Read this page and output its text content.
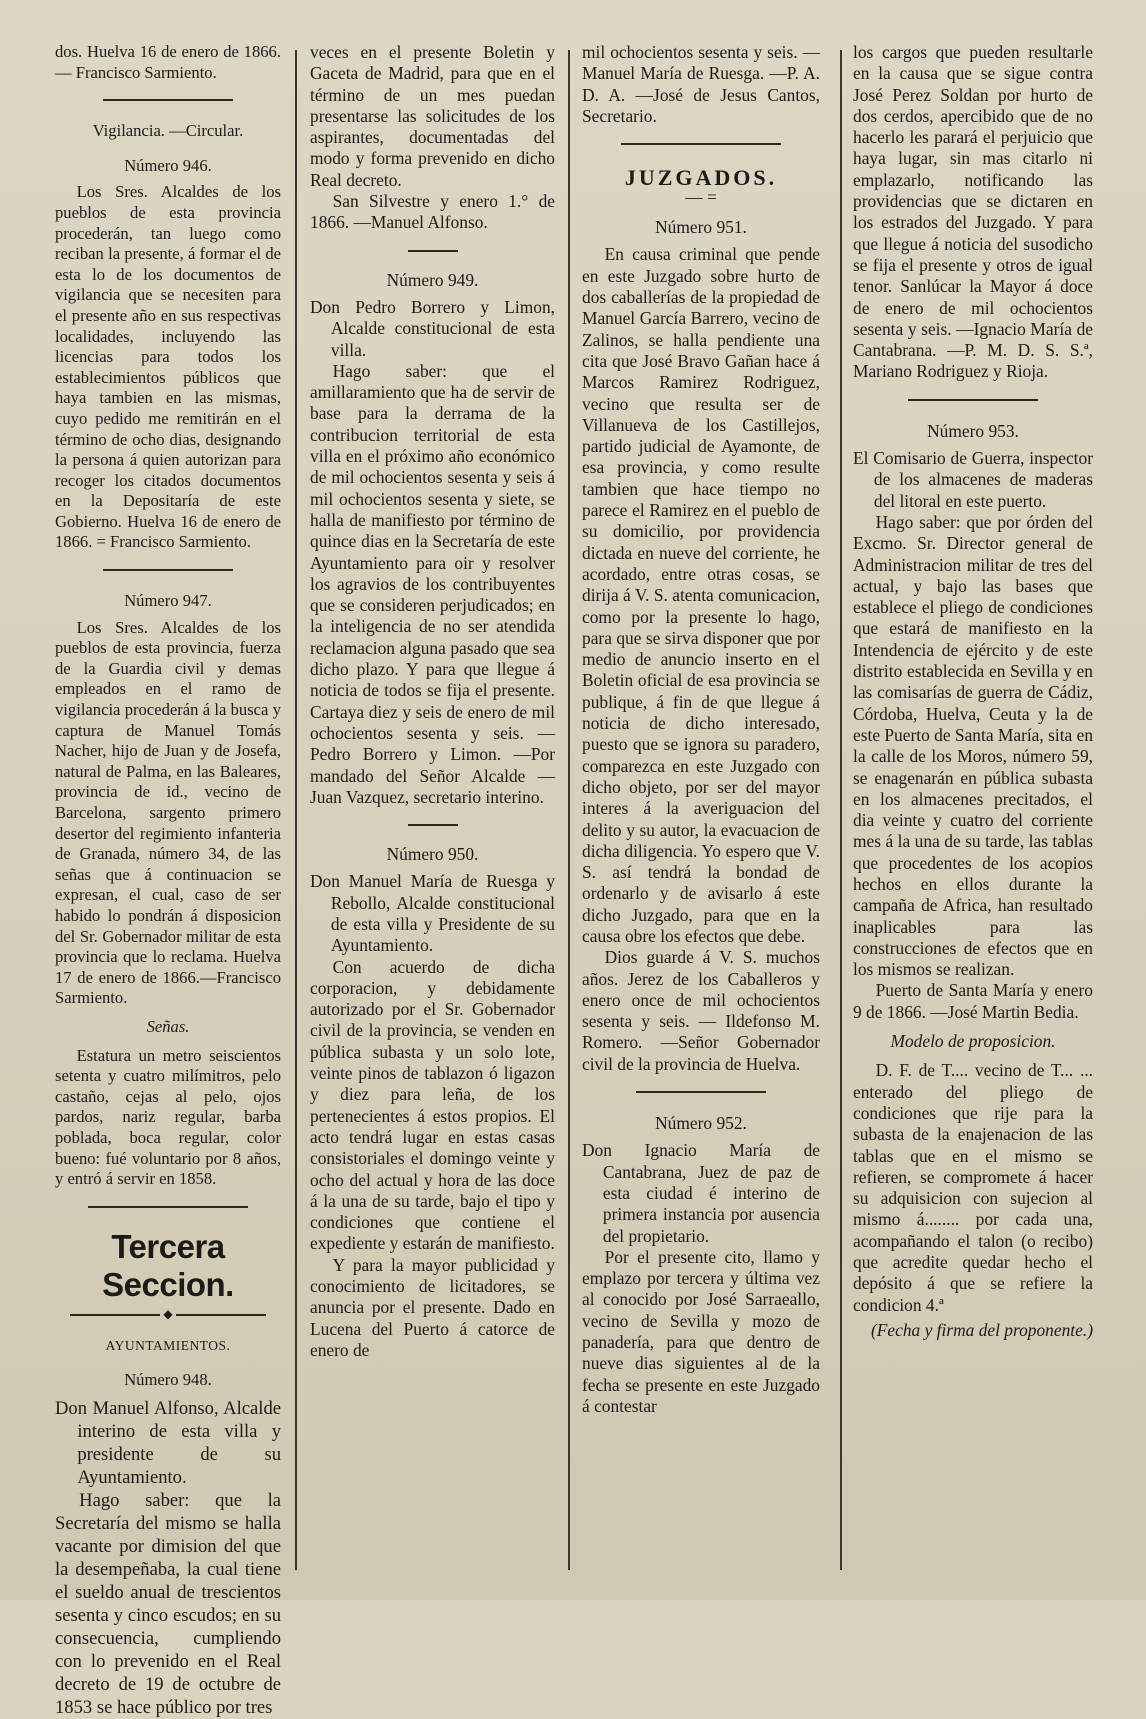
dos. Huelva 16 de enero de 1866. — Francisco Sarmiento.

Vigilancia. —Circular.

Número 946.

Los Sres. Alcaldes de los pueblos de esta provincia procederán, tan luego como reciban la presente, á formar el de esta lo de los documentos de vigilancia que se necesiten para el presente año en sus respectivas localidades, incluyendo las licencias para todos los establecimientos públicos que haya tambien en las mismas, cuyo pedido me remitirán en el término de ocho dias, designando la persona á quien autorizan para recoger los citados documentos en la Depositaría de este Gobierno. Huelva 16 de enero de 1866. = Francisco Sarmiento.

Número 947.

Los Sres. Alcaldes de los pueblos de esta provincia, fuerza de la Guardia civil y demas empleados en el ramo de vigilancia procederán á la busca y captura de Manuel Tomás Nacher, hijo de Juan y de Josefa, natural de Palma, en las Baleares, provincia de id., vecino de Barcelona, sargento primero desertor del regimiento infanteria de Granada, número 34, de las señas que á continuacion se expresan, el cual, caso de ser habido lo pondrán á disposicion del Sr. Gobernador militar de esta provincia que lo reclama. Huelva 17 de enero de 1866.—Francisco Sarmiento.

Señas.

Estatura un metro seiscientos setenta y cuatro milímitros, pelo castaño, cejas al pelo, ojos pardos, nariz regular, barba poblada, boca regular, color bueno: fué voluntario por 8 años, y entró á servir en 1858.

Tercera Seccion.
◆

AYUNTAMIENTOS.

Número 948.

Don Manuel Alfonso, Alcalde interino de esta villa y presidente de su Ayuntamiento.

Hago saber: que la Secretaría del mismo se halla vacante por dimision del que la desempeñaba, la cual tiene el sueldo anual de trescientos sesenta y cinco escudos; en su consecuencia, cumpliendo con lo prevenido en el Real decreto de 19 de octubre de 1853 se hace público por tres

veces en el presente Boletin y Gaceta de Madrid, para que en el término de un mes puedan presentarse las solicitudes de los aspirantes, documentadas del modo y forma prevenido en dicho Real decreto.

San Silvestre y enero 1.° de 1866. —Manuel Alfonso.

Número 949.

Don Pedro Borrero y Limon, Alcalde constitucional de esta villa.

Hago saber: que el amillaramiento que ha de servir de base para la derrama de la contribucion territorial de esta villa en el próximo año económico de mil ochocientos sesenta y seis á mil ochocientos sesenta y siete, se halla de manifiesto por término de quince dias en la Secretaría de este Ayuntamiento para oir y resolver los agravios de los contribuyentes que se consideren perjudicados; en la inteligencia de no ser atendida reclamacion alguna pasado que sea dicho plazo. Y para que llegue á noticia de todos se fija el presente. Cartaya diez y seis de enero de mil ochocientos sesenta y seis. —Pedro Borrero y Limon. —Por mandado del Señor Alcalde —Juan Vazquez, secretario interino.

Número 950.

Don Manuel María de Ruesga y Rebollo, Alcalde constitucional de esta villa y Presidente de su Ayuntamiento.

Con acuerdo de dicha corporacion, y debidamente autorizado por el Sr. Gobernador civil de la provincia, se venden en pública subasta y un solo lote, veinte pinos de tablazon ó ligazon y diez para leña, de los pertenecientes á estos propios. El acto tendrá lugar en estas casas consistoriales el domingo veinte y ocho del actual y hora de las doce á la una de su tarde, bajo el tipo y condiciones que contiene el expediente y estarán de manifiesto.

Y para la mayor publicidad y conocimiento de licitadores, se anuncia por el presente. Dado en Lucena del Puerto á catorce de enero de

mil ochocientos sesenta y seis. —Manuel María de Ruesga. —P. A. D. A. —José de Jesus Cantos, Secretario.

JUZGADOS.
— =

Número 951.

En causa criminal que pende en este Juzgado sobre hurto de dos caballerías de la propiedad de Manuel García Barrero, vecino de Zalinos, se halla pendiente una cita que José Bravo Gañan hace á Marcos Ramirez Rodriguez, vecino que resulta ser de Villanueva de los Castillejos, partido judicial de Ayamonte, de esa provincia, y como resulte tambien que hace tiempo no parece el Ramirez en el pueblo de su domicilio, por providencia dictada en nueve del corriente, he acordado, entre otras cosas, se dirija á V. S. atenta comunicacion, como por la presente lo hago, para que se sirva disponer que por medio de anuncio inserto en el Boletin oficial de esa provincia se publique, á fin de que llegue á noticia de dicho interesado, puesto que se ignora su paradero, comparezca en este Juzgado con dicho objeto, por ser del mayor interes á la averiguacion del delito y su autor, la evacuacion de dicha diligencia. Yo espero que V. S. así tendrá la bondad de ordenarlo y de avisarlo á este dicho Juzgado, para que en la causa obre los efectos que debe.

Dios guarde á V. S. muchos años. Jerez de los Caballeros y enero once de mil ochocientos sesenta y seis. — Ildefonso M. Romero. —Señor Gobernador civil de la provincia de Huelva.

Número 952.

Don Ignacio María de Cantabrana, Juez de paz de esta ciudad é interino de primera instancia por ausencia del propietario.

Por el presente cito, llamo y emplazo por tercera y última vez al conocido por José Sarraeallo, vecino de Sevilla y mozo de panadería, para que dentro de nueve dias siguientes al de la fecha se presente en este Juzgado á contestar

los cargos que pueden resultarle en la causa que se sigue contra José Perez Soldan por hurto de dos cerdos, apercibido que de no hacerlo les parará el perjuicio que haya lugar, sin mas citarlo ni emplazarlo, notificando las providencias que se dictaren en los estrados del Juzgado. Y para que llegue á noticia del susodicho se fija el presente y otros de igual tenor. Sanlúcar la Mayor á doce de enero de mil ochocientos sesenta y seis. —Ignacio María de Cantabrana. —P. M. D. S. S.ª, Mariano Rodriguez y Rioja.

Número 953.

El Comisario de Guerra, inspector de los almacenes de maderas del litoral en este puerto.

Hago saber: que por órden del Excmo. Sr. Director general de Administracion militar de tres del actual, y bajo las bases que establece el pliego de condiciones que estará de manifiesto en la Intendencia de ejército y de este distrito establecida en Sevilla y en las comisarías de guerra de Cádiz, Córdoba, Huelva, Ceuta y la de este Puerto de Santa María, sita en la calle de los Moros, número 59, se enagenarán en pública subasta en los almacenes precitados, el dia veinte y cuatro del corriente mes á la una de su tarde, las tablas que procedentes de los acopios hechos en ellos durante la campaña de Africa, han resultado inaplicables para las construcciones de efectos que en los mismos se realizan.

Puerto de Santa María y enero 9 de 1866. —José Martin Bedia.

Modelo de proposicion.

D. F. de T.... vecino de T... ... enterado del pliego de condiciones que rije para la subasta de la enajenacion de las tablas que en el mismo se refieren, se compromete á hacer su adquisicion con sujecion al mismo á........ por cada una, acompañando el talon (o recibo) que acredite quedar hecho el depósito á que se refiere la condicion 4.ª

(Fecha y firma del proponente.)
